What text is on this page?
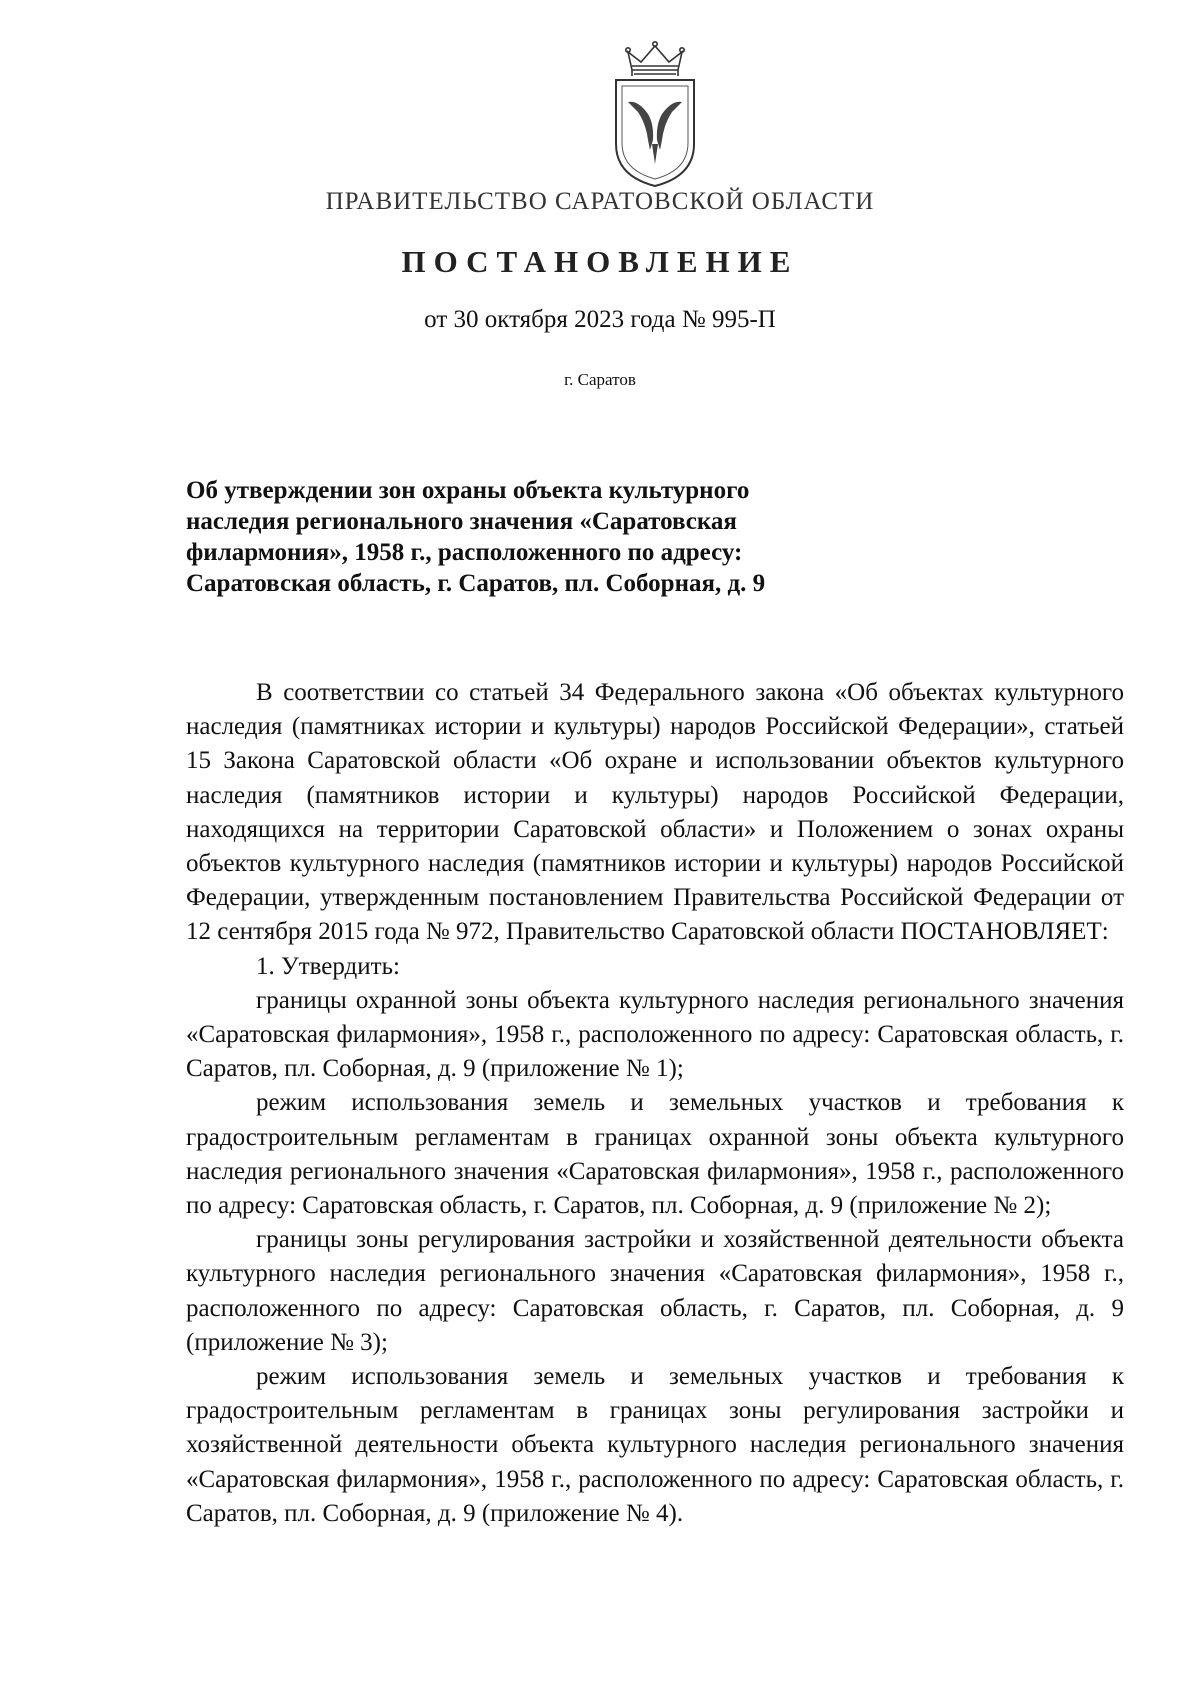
ПРАВИТЕЛЬСТВО САРАТОВСКОЙ ОБЛАСТИ
ПОСТАНОВЛЕНИЕ
от 30 октября 2023 года № 995-П
г. Саратов
Об утверждении зон охраны объекта культурного наследия регионального значения «Саратовская филармония», 1958 г., расположенного по адресу: Саратовская область, г. Саратов, пл. Соборная, д. 9

В соответствии со статьей 34 Федерального закона «Об объектах культурного наследия (памятниках истории и культуры) народов Российской Федерации», статьей 15 Закона Саратовской области «Об охране и использовании объектов культурного наследия (памятников истории и культуры) народов Российской Федерации, находящихся на территории Саратовской области» и Положением о зонах охраны объектов культурного наследия (памятников истории и культуры) народов Российской Федерации, утвержденным постановлением Правительства Российской Федерации от 12 сентября 2015 года № 972, Правительство Саратовской области ПОСТАНОВЛЯЕТ:

1. Утвердить:

границы охранной зоны объекта культурного наследия регионального значения «Саратовская филармония», 1958 г., расположенного по адресу: Саратовская область, г. Саратов, пл. Соборная, д. 9 (приложение № 1);

режим использования земель и земельных участков и требования к градостроительным регламентам в границах охранной зоны объекта культурного наследия регионального значения «Саратовская филармония», 1958 г., расположенного по адресу: Саратовская область, г. Саратов, пл. Соборная, д. 9 (приложение № 2);

границы зоны регулирования застройки и хозяйственной деятельности объекта культурного наследия регионального значения «Саратовская филармония», 1958 г., расположенного по адресу: Саратовская область, г. Саратов, пл. Соборная, д. 9 (приложение № 3);

режим использования земель и земельных участков и требования к градостроительным регламентам в границах зоны регулирования застройки и хозяйственной деятельности объекта культурного наследия регионального значения «Саратовская филармония», 1958 г., расположенного по адресу: Саратовская область, г. Саратов, пл. Соборная, д. 9 (приложение № 4).
